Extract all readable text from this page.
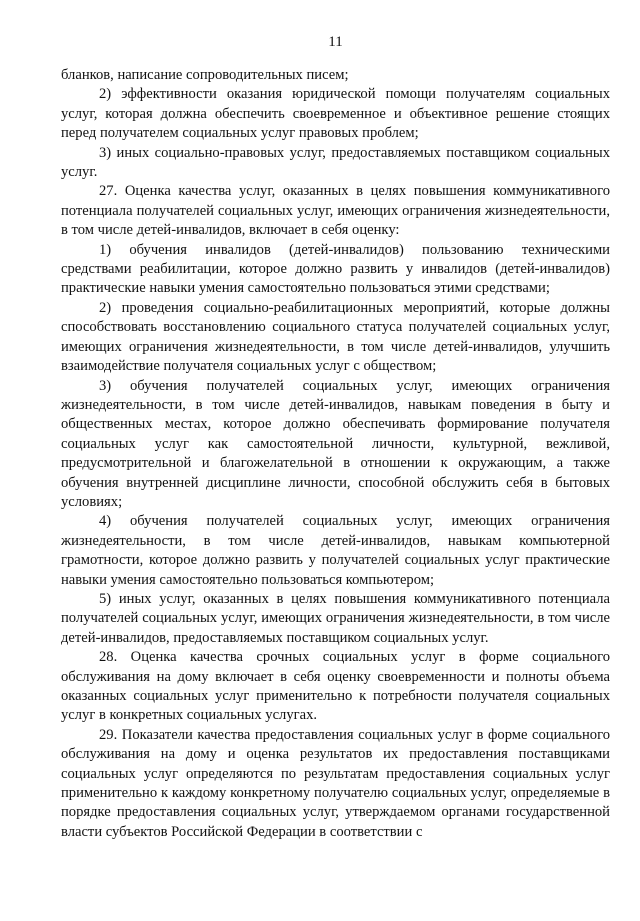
11

бланков, написание сопроводительных писем;

2) эффективности оказания юридической помощи получателям социальных услуг, которая должна обеспечить своевременное и объективное решение стоящих перед получателем социальных услуг правовых проблем;

3) иных социально-правовых услуг, предоставляемых поставщиком социальных услуг.

27. Оценка качества услуг, оказанных в целях повышения коммуникативного потенциала получателей социальных услуг, имеющих ограничения жизнедеятельности, в том числе детей-инвалидов, включает в себя оценку:

1) обучения инвалидов (детей-инвалидов) пользованию техническими средствами реабилитации, которое должно развить у инвалидов (детей-инвалидов) практические навыки умения самостоятельно пользоваться этими средствами;

2) проведения социально-реабилитационных мероприятий, которые должны способствовать восстановлению социального статуса получателей социальных услуг, имеющих ограничения жизнедеятельности, в том числе детей-инвалидов, улучшить взаимодействие получателя социальных услуг с обществом;

3) обучения получателей социальных услуг, имеющих ограничения жизнедеятельности, в том числе детей-инвалидов, навыкам поведения в быту и общественных местах, которое должно обеспечивать формирование получателя социальных услуг как самостоятельной личности, культурной, вежливой, предусмотрительной и благожелательной в отношении к окружающим, а также обучения внутренней дисциплине личности, способной обслужить себя в бытовых условиях;

4) обучения получателей социальных услуг, имеющих ограничения жизнедеятельности, в том числе детей-инвалидов, навыкам компьютерной грамотности, которое должно развить у получателей социальных услуг практические навыки умения самостоятельно пользоваться компьютером;

5) иных услуг, оказанных в целях повышения коммуникативного потенциала получателей социальных услуг, имеющих ограничения жизнедеятельности, в том числе детей-инвалидов, предоставляемых поставщиком социальных услуг.

28. Оценка качества срочных социальных услуг в форме социального обслуживания на дому включает в себя оценку своевременности и полноты объема оказанных социальных услуг применительно к потребности получателя социальных услуг в конкретных социальных услугах.

29. Показатели качества предоставления социальных услуг в форме социального обслуживания на дому и оценка результатов их предоставления поставщиками социальных услуг определяются по результатам предоставления социальных услуг применительно к каждому конкретному получателю социальных услуг, определяемые в порядке предоставления социальных услуг, утверждаемом органами государственной власти субъектов Российской Федерации в соответствии с
